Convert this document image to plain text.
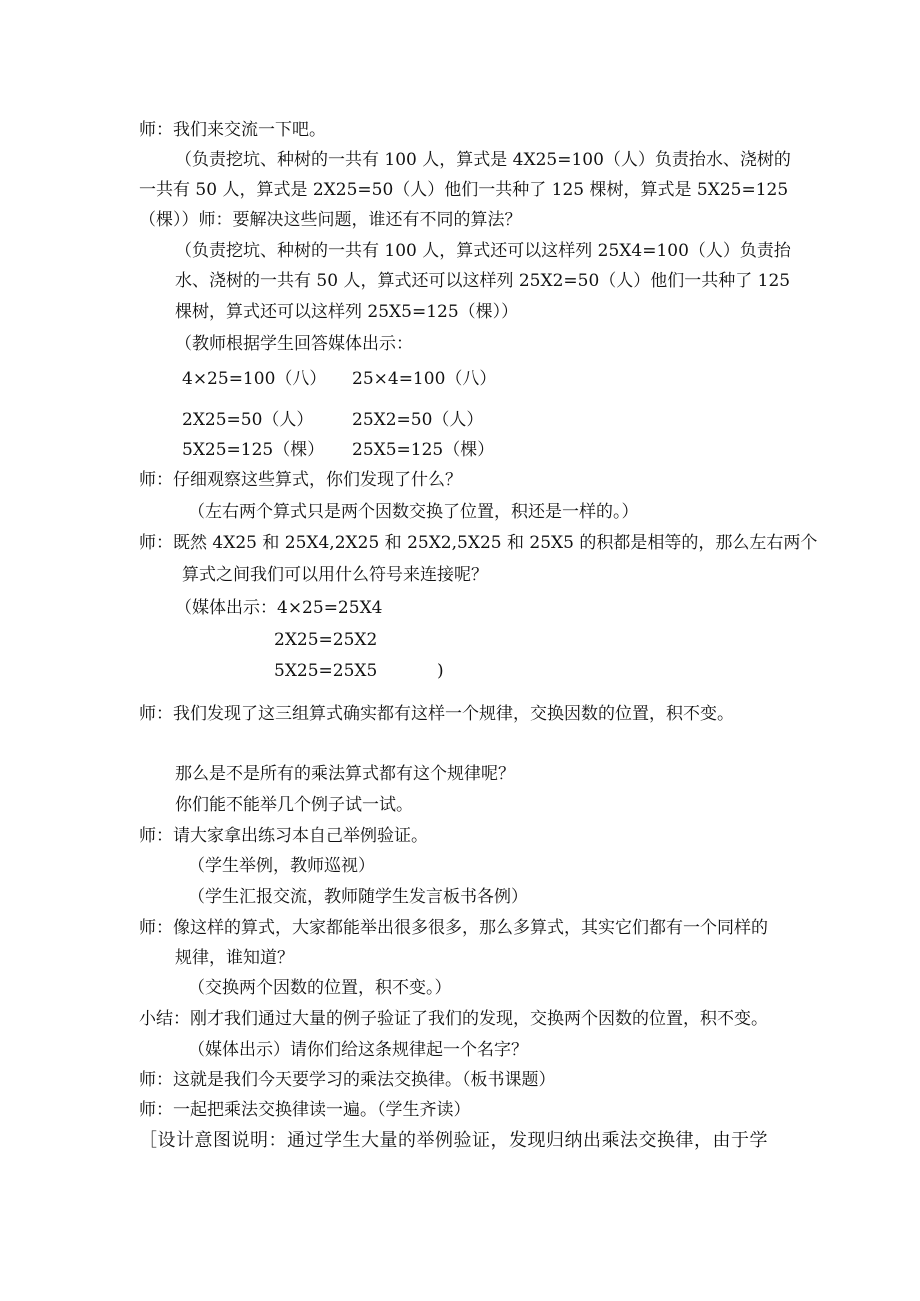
师：我们来交流一下吧。

（负责挖坑、种树的一共有 100 人，算式是 4X25=100（人）负责抬水、浇树的

一共有 50 人，算式是 2X25=50（人）他们一共种了 125 棵树，算式是 5X25=125

（棵））师：要解决这些问题，谁还有不同的算法？

（负责挖坑、种树的一共有 100 人，算式还可以这样列 25X4=100（人）负责抬

水、浇树的一共有 50 人，算式还可以这样列 25X2=50（人）他们一共种了 125

棵树，算式还可以这样列 25X5=125（棵））

（教师根据学生回答媒体出示：

4×25=100（八） 25×4=100（八）

2X25=50（人） 25X2=50（人）

5X25=125（棵） 25X5=125（棵）

师：仔细观察这些算式，你们发现了什么？

（左右两个算式只是两个因数交换了位置，积还是一样的。）

师：既然 4X25 和 25X4,2X25 和 25X2,5X25 和 25X5 的积都是相等的，那么左右两个

算式之间我们可以用什么符号来连接呢？

（媒体出示：4×25=25X4

2X25=25X2

5X25=25X5	)

师：我们发现了这三组算式确实都有这样一个规律，交换因数的位置，积不变。

那么是不是所有的乘法算式都有这个规律呢？

你们能不能举几个例子试一试。

师：请大家拿出练习本自己举例验证。

（学生举例，教师巡视）

（学生汇报交流，教师随学生发言板书各例）

师：像这样的算式，大家都能举出很多很多，那么多算式，其实它们都有一个同样的

规律，谁知道？

（交换两个因数的位置，积不变。）

小结：刚才我们通过大量的例子验证了我们的发现，交换两个因数的位置，积不变。

（媒体出示）请你们给这条规律起一个名字？

师：这就是我们今天要学习的乘法交换律。（板书课题）

师：一起把乘法交换律读一遍。（学生齐读）

［设计意图说明：通过学生大量的举例验证，发现归纳出乘法交换律，由于学
